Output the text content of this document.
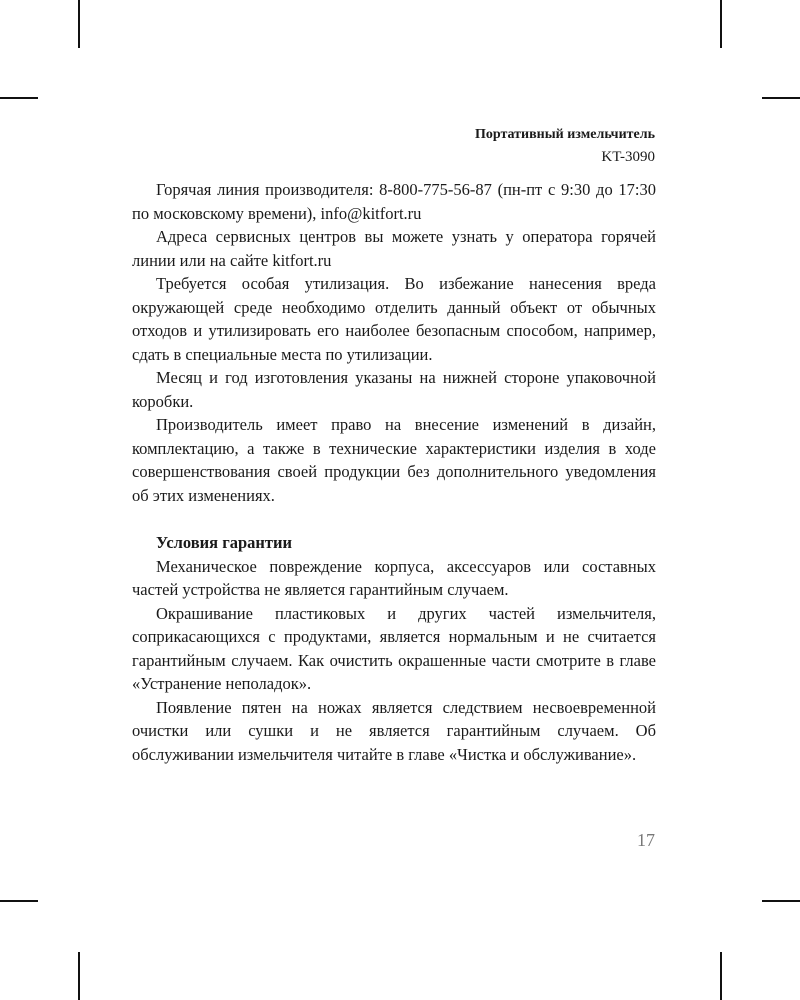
Портативный измельчитель
KT-3090

Горячая линия производителя: 8-800-775-56-87 (пн-пт с 9:30 до 17:30 по московскому времени), info@kitfort.ru

Адреса сервисных центров вы можете узнать у оператора горячей линии или на сайте kitfort.ru

Требуется особая утилизация. Во избежание нанесения вреда окружающей среде необходимо отделить данный объект от обычных отходов и утилизировать его наиболее безопасным способом, например, сдать в специальные места по утилизации.

Месяц и год изготовления указаны на нижней стороне упаковочной коробки.

Производитель имеет право на внесение изменений в дизайн, комплектацию, а также в технические характеристики изделия в ходе совершенствования своей продукции без дополнительного уведомления об этих изменениях.

Условия гарантии

Механическое повреждение корпуса, аксессуаров или составных частей устройства не является гарантийным случаем.

Окрашивание пластиковых и других частей измельчителя, соприкасающихся с продуктами, является нормальным и не считается гарантийным случаем. Как очистить окрашенные части смотрите в главе «Устранение неполадок».

Появление пятен на ножах является следствием несвоевременной очистки или сушки и не является гарантийным случаем. Об обслуживании измельчителя читайте в главе «Чистка и обслуживание».

17
